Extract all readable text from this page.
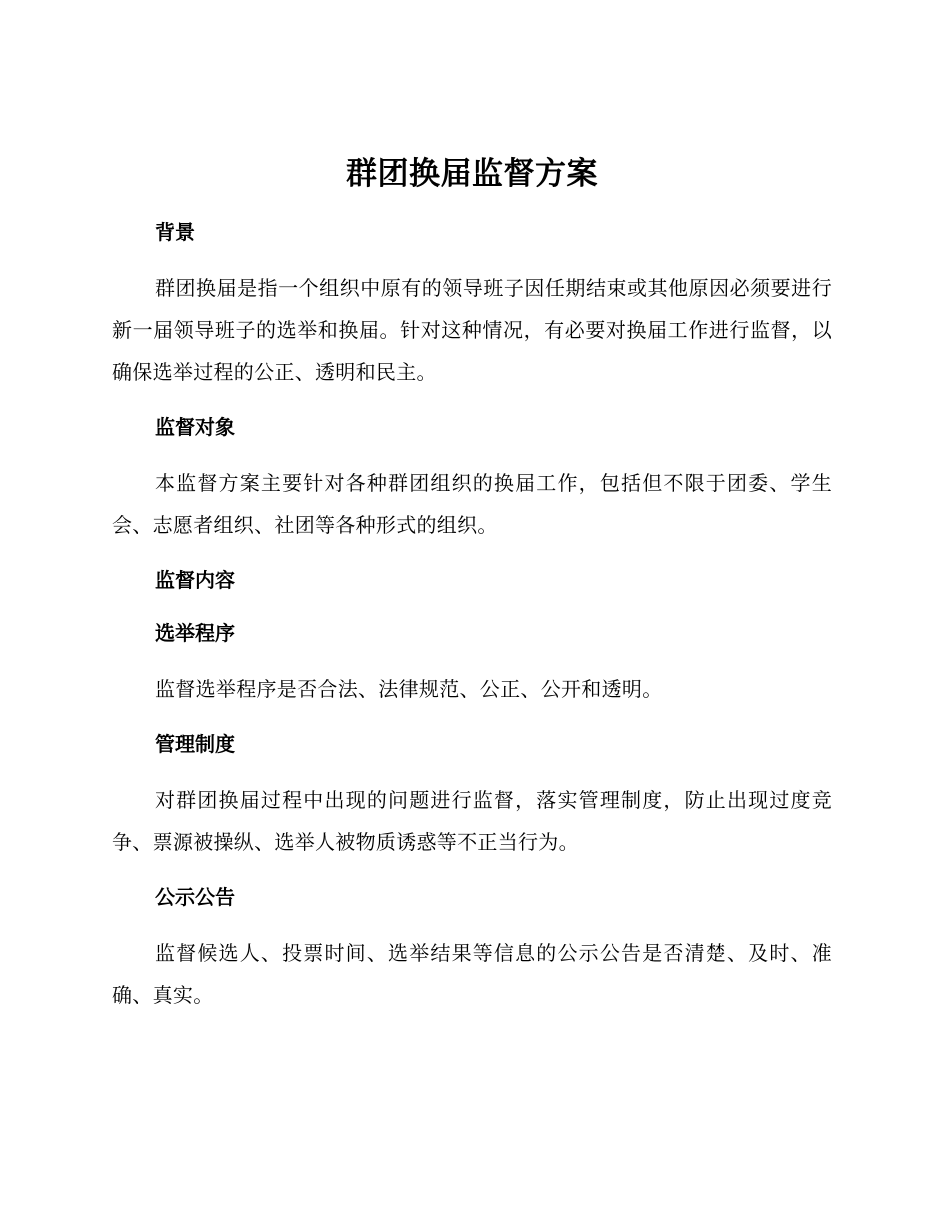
群团换届监督方案
背景

群团换届是指一个组织中原有的领导班子因任期结束或其他原因必须要进行新一届领导班子的选举和换届。针对这种情况，有必要对换届工作进行监督，以确保选举过程的公正、透明和民主。

监督对象

本监督方案主要针对各种群团组织的换届工作，包括但不限于团委、学生会、志愿者组织、社团等各种形式的组织。

监督内容
选举程序

监督选举程序是否合法、法律规范、公正、公开和透明。

管理制度

对群团换届过程中出现的问题进行监督，落实管理制度，防止出现过度竞争、票源被操纵、选举人被物质诱惑等不正当行为。

公示公告

监督候选人、投票时间、选举结果等信息的公示公告是否清楚、及时、准确、真实。
